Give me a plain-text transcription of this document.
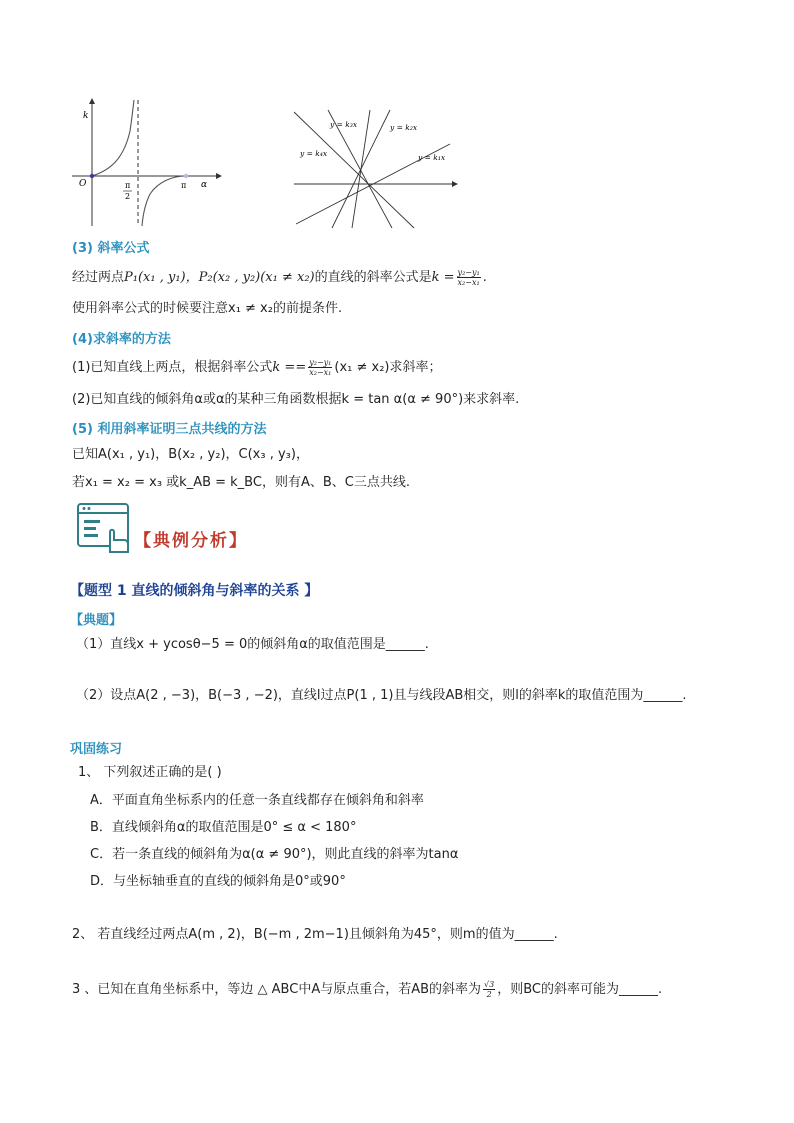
k
α
O	π
2
π
y = k₃x	y = k₂x
y = k₄x	y = k₁x
(3) 斜率公式
经过两点P₁(x₁ , y₁)，P₂(x₂ , y₂)(x₁ ≠ x₂)的直线的斜率公式是$k = \frac{\text{y₂−y₁}}{\text{x₂−x₁}}$ .
使用斜率公式的时候要注意x₁ ≠ x₂的前提条件.
(4)求斜率的方法
(1)已知直线上两点，根据斜率公式$k == \frac{\text{y₂−y₁}}{\text{x₂−x₁}} (x_1 \ne x_2)$求斜率；
(2)已知直线的倾斜角α或α的某种三角函数根据k = tan α(α ≠ 90°)来求斜率.
(5) 利用斜率证明三点共线的方法
已知A(x₁ , y₁)，B(x₂ , y₂)，C(x₃ , y₃)，
若x₁ = x₂ = x₃ 或k_AB = k_BC，则有A、B、C三点共线.
【典例分析】
【题型 1 直线的倾斜角与斜率的关系 】
【典题】
（1）直线x + ycosθ−5 = 0的倾斜角α的取值范围是______.
（2）设点A(2 , −3)，B(−3 , −2)，直线l过点P(1 , 1)且与线段AB相交，则l的斜率k的取值范围为______.
巩固练习
1、 下列叙述正确的是( )
A．平面直角坐标系内的任意一条直线都存在倾斜角和斜率
B．直线倾斜角α的取值范围是0° ≤ α < 180°
C．若一条直线的倾斜角为α(α ≠ 90°)，则此直线的斜率为tanα
D．与坐标轴垂直的直线的倾斜角是0°或90°
2、 若直线经过两点A(m , 2)，B(−m , 2m−1)且倾斜角为45°，则m的值为______.
3 、已知在直角坐标系中，等边 △ ABC中A与原点重合，若AB的斜率为 $\frac{√3}{2}$ ，则BC的斜率可能为______.
